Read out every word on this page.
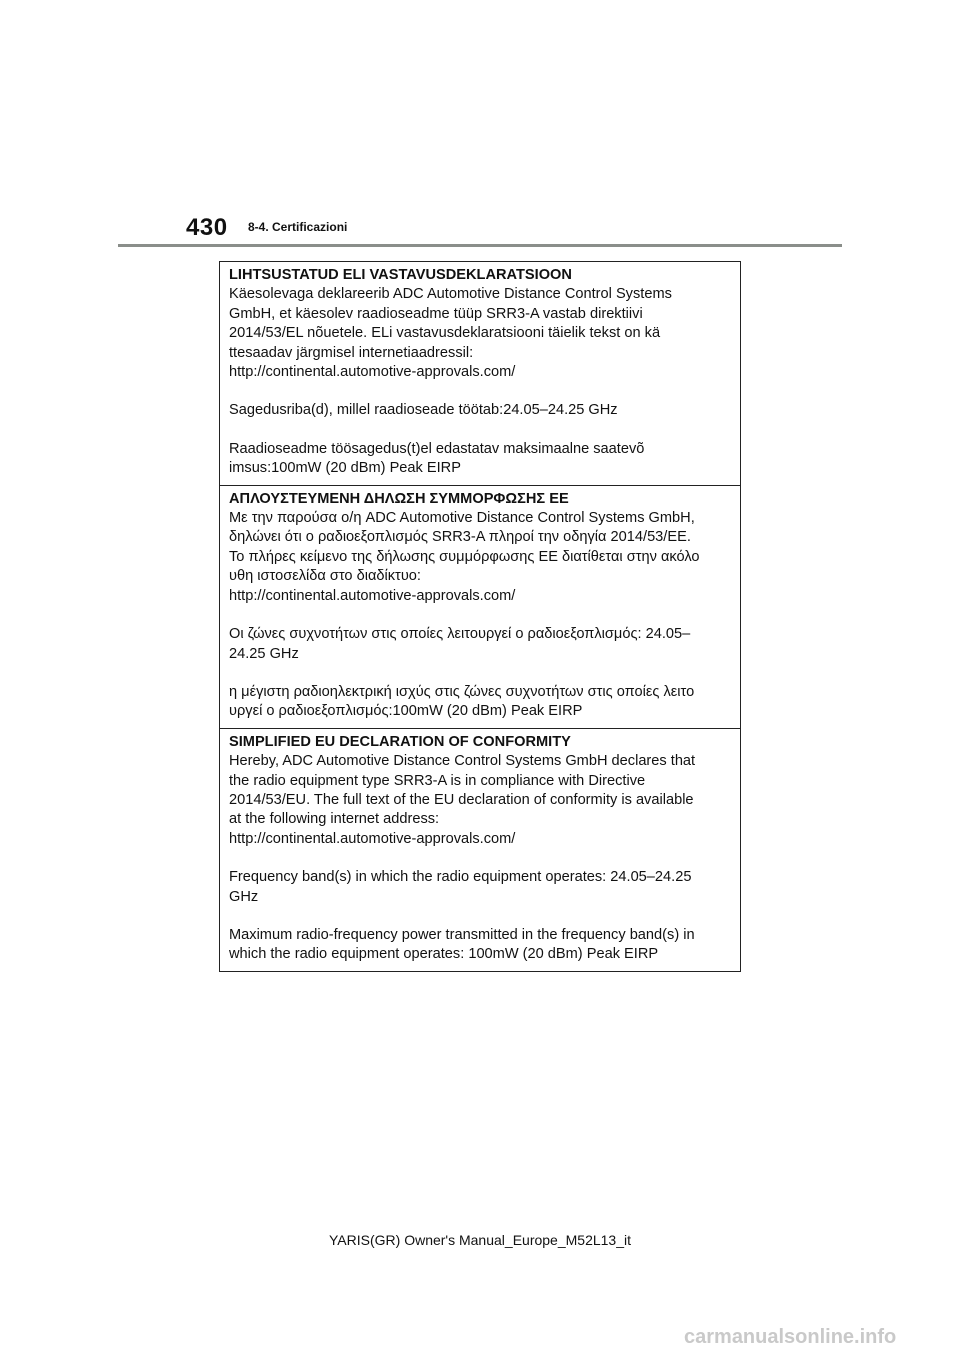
430 8-4. Certificazioni
LIHTSUSTATUD ELI VASTAVUSDEKLARATSIOON

Käesolevaga deklareerib ADC Automotive Distance Control Systems

GmbH, et käesolev raadioseadme tüüp SRR3-A vastab direktiivi

2014/53/EL nõuetele. ELi vastavusdeklaratsiooni täielik tekst on kä

ttesaadav järgmisel internetiaadressil:

http://continental.automotive-approvals.com/

Sagedusriba(d), millel raadioseade töötab:24.05–24.25 GHz

Raadioseadme töösagedus(t)el edastatav maksimaalne saatevõ

imsus:100mW (20 dBm) Peak EIRP

ΑΠΛΟΥΣΤΕΥΜΕΝΗ ΔΗΛΩΣΗ ΣΥΜΜΟΡΦΩΣΗΣ ΕΕ

Με την παρούσα ο/η ADC Automotive Distance Control Systems GmbH,

δηλώνει ότι ο ραδιοεξοπλισμός SRR3-A πληροί την οδηγία 2014/53/ΕΕ.

Το πλήρες κείμενο της δήλωσης συμμόρφωσης ΕΕ διατίθεται στην ακόλο

υθη ιστοσελίδα στο διαδίκτυο:

http://continental.automotive-approvals.com/

Οι ζώνες συχνοτήτων στις οποίες λειτουργεί ο ραδιοεξοπλισμός: 24.05–

24.25 GHz

η μέγιστη ραδιοηλεκτρική ισχύς στις ζώνες συχνοτήτων στις οποίες λειτο

υργεί ο ραδιοεξοπλισμός:100mW (20 dBm) Peak EIRP

SIMPLIFIED EU DECLARATION OF CONFORMITY

Hereby, ADC Automotive Distance Control Systems GmbH declares that

the radio equipment type SRR3-A is in compliance with Directive

2014/53/EU. The full text of the EU declaration of conformity is available

at the following internet address:

http://continental.automotive-approvals.com/

Frequency band(s) in which the radio equipment operates: 24.05–24.25

GHz

Maximum radio-frequency power transmitted in the frequency band(s) in

which the radio equipment operates: 100mW (20 dBm) Peak EIRP

YARIS(GR) Owner's Manual_Europe_M52L13_it
carmanualsonline.info
